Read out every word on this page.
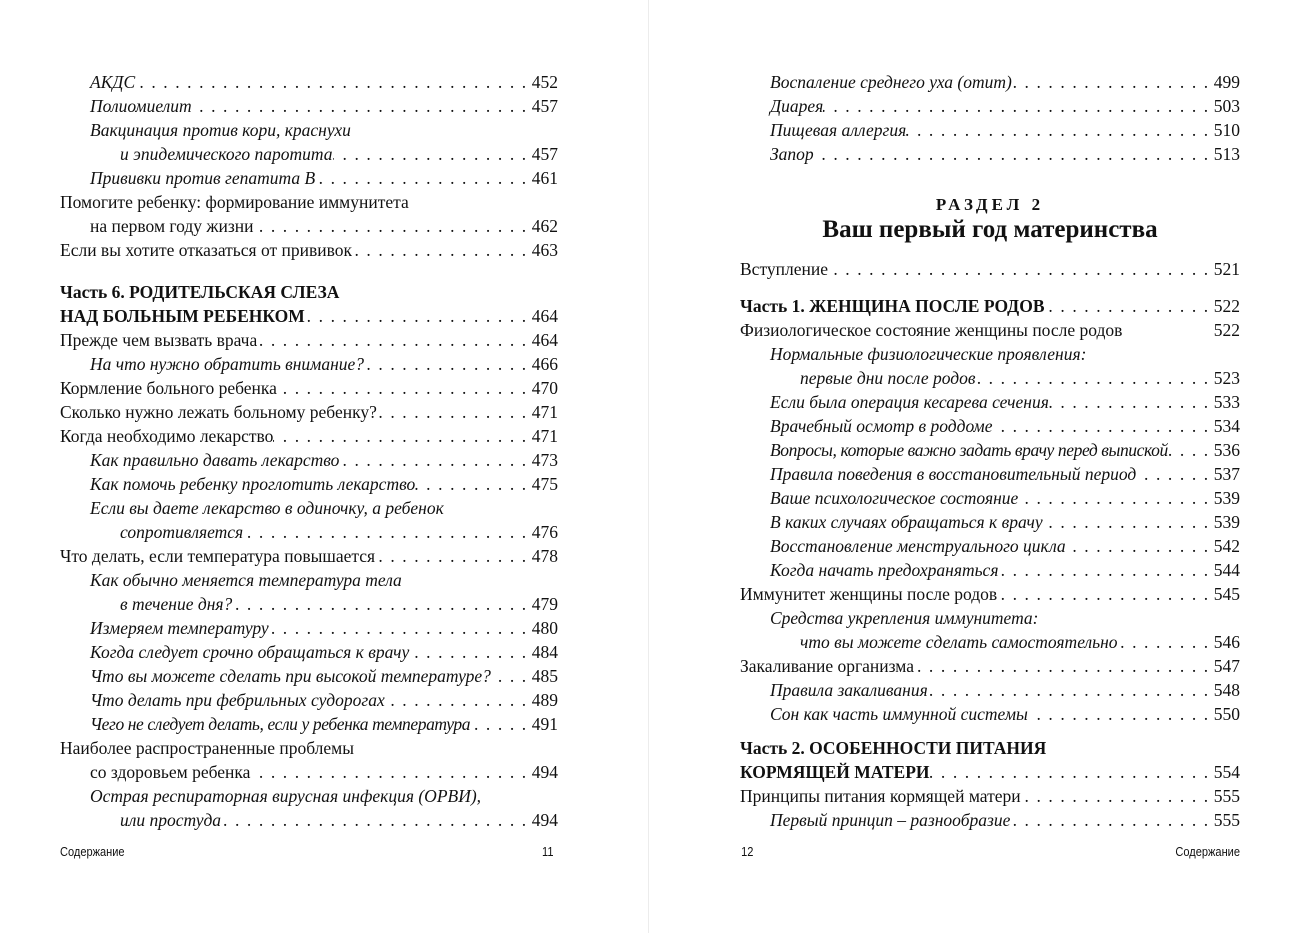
АКДС . . .	452
Полиомиелит . . .	457
Вакцинация против кори, краснухи
и эпидемического паротита . . .	457
Прививки против гепатита В . . .	461
Помогите ребенку: формирование иммунитета
на первом году жизни . . .	462
Если вы хотите отказаться от прививок . . .	463
Часть 6. РОДИТЕЛЬСКАЯ СЛЕЗА
НАД БОЛЬНЫМ РЕБЕНКОМ . . .	464
Прежде чем вызвать врача . . .	464
На что нужно обратить внимание? . . .	466
Кормление больного ребенка . . .	470
Сколько нужно лежать больному ребенку? . . .	471
Когда необходимо лекарство . . .	471
Как правильно давать лекарство . . .	473
Как помочь ребенку проглотить лекарство . . .	475
Если вы даете лекарство в одиночку, а ребенок
сопротивляется . . .	476
Что делать, если температура повышается . . .	478
Как обычно меняется температура тела
в течение дня? . . .	479
Измеряем температуру . . .	480
Когда следует срочно обращаться к врачу . . .	484
Что вы можете сделать при высокой температуре? . . . 485
Что делать при фебрильных судорогах . . .	489
Чего не следует делать, если у ребенка температура . . .	491
Наиболее распространенные проблемы
со здоровьем ребенка . . .	494
Острая респираторная вирусная инфекция (ОРВИ),
или простуда . . .	494
Содержание	11
Воспаление среднего уха (отит) . . .	499
Диарея . . .	503
Пищевая аллергия . . .	510
Запор . . .	513
Вступление . . .	521
Часть 1. ЖЕНЩИНА ПОСЛЕ РОДОВ . . .	522
Физиологическое состояние женщины после родов	522
Нормальные физиологические проявления:
первые дни после родов . . .	523
Если была операция кесарева сечения . . .	533
Врачебный осмотр в роддоме . . .	534
Вопросы, которые важно задать врачу перед выпиской . . .	536
Правила поведения в восстановительный период . . .	537
Ваше психологическое состояние . . .	539
В каких случаях обращаться к врачу . . .	539
Восстановление менструального цикла . . .	542
Когда начать предохраняться . . .	544
Иммунитет женщины после родов . . .	545
Средства укрепления иммунитета:
что вы можете сделать самостоятельно . . .	546
Закаливание организма . . .	547
Правила закаливания . . .	548
Сон как часть иммунной системы . . .	550
Часть 2. ОСОБЕННОСТИ ПИТАНИЯ
КОРМЯЩЕЙ МАТЕРИ . . .	554
Принципы питания кормящей матери . . .	555
Первый принцип – разнообразие . . .	555
РАЗДЕЛ 2
Ваш первый год материнства
12	Содержание
